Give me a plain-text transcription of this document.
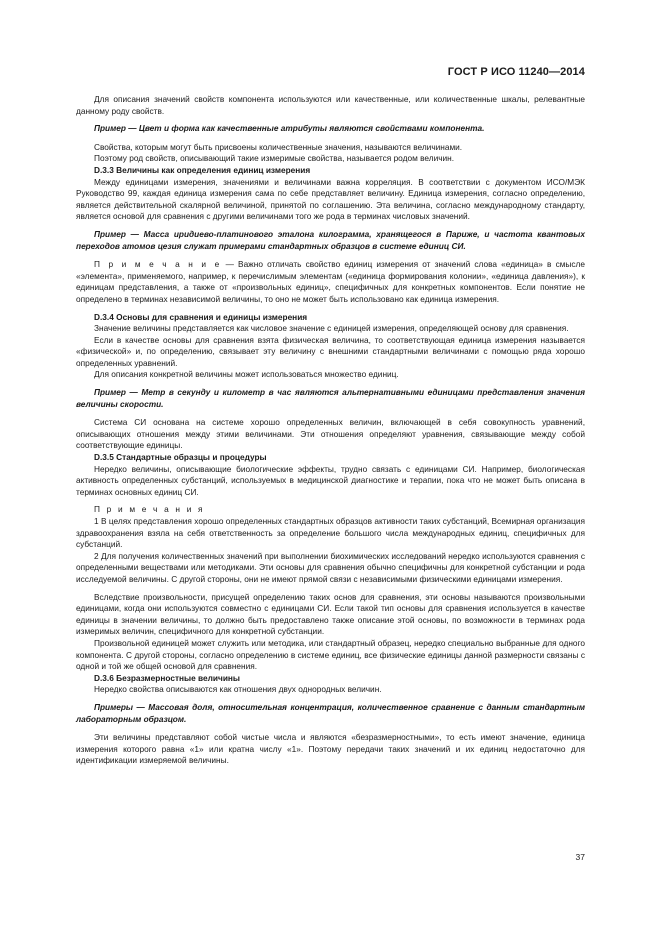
ГОСТ Р ИСО 11240—2014

Для описания значений свойств компонента используются или качественные, или количественные шкалы, релевантные данному роду свойств.

Пример — Цвет и форма как качественные атрибуты являются свойствами компонента.

Свойства, которым могут быть присвоены количественные значения, называются величинами.

Поэтому род свойств, описывающий такие измеримые свойства, называется родом величин.

D.3.3 Величины как определения единиц измерения

Между единицами измерения, значениями и величинами важна корреляция. В соответствии с документом ИСО/МЭК Руководство 99, каждая единица измерения сама по себе представляет величину. Единица измерения, согласно определению, является действительной скалярной величиной, принятой по соглашению. Эта величина, согласно международному стандарту, является основой для сравнения с другими величинами того же рода в терминах числовых значений.

Пример — Масса иридиево-платинового эталона килограмма, хранящегося в Париже, и частота квантовых переходов атомов цезия служат примерами стандартных образцов в системе единиц СИ.

П р и м е ч а н и е — Важно отличать свойство единиц измерения от значений слова «единица» в смысле «элемента», применяемого, например, к перечислимым элементам («единица формирования колонии», «единица давления»), к единицам представления, а также от «произвольных единиц», специфичных для конкретных компонентов. Если понятие не определено в терминах независимой величины, то оно не может быть использовано как единица измерения.

D.3.4 Основы для сравнения и единицы измерения

Значение величины представляется как числовое значение с единицей измерения, определяющей основу для сравнения.

Если в качестве основы для сравнения взята физическая величина, то соответствующая единица измерения называется «физической» и, по определению, связывает эту величину с внешними стандартными величинами с помощью ряда хорошо определенных уравнений.

Для описания конкретной величины может использоваться множество единиц.

Пример — Метр в секунду и километр в час являются альтернативными единицами представления значения величины скорости.

Система СИ основана на системе хорошо определенных величин, включающей в себя совокупность уравнений, описывающих отношения между этими величинами. Эти отношения определяют уравнения, связывающие между собой соответствующие единицы.

D.3.5 Стандартные образцы и процедуры

Нередко величины, описывающие биологические эффекты, трудно связать с единицами СИ. Например, биологическая активность определенных субстанций, используемых в медицинской диагностике и терапии, пока что не может быть описана в терминах основных единиц СИ.

П р и м е ч а н и я

1 В целях представления хорошо определенных стандартных образцов активности таких субстанций, Всемирная организация здравоохранения взяла на себя ответственность за определение большого числа международных единиц, специфичных для субстанций.

2 Для получения количественных значений при выполнении биохимических исследований нередко используются сравнения с определенными веществами или методиками. Эти основы для сравнения обычно специфичны для конкретной субстанции и рода исследуемой величины. С другой стороны, они не имеют прямой связи с независимыми физическими единицами измерения.

Вследствие произвольности, присущей определению таких основ для сравнения, эти основы называются произвольными единицами, когда они используются совместно с единицами СИ. Если такой тип основы для сравнения используется в качестве единицы в значении величины, то должно быть предоставлено также описание этой основы, по возможности в терминах рода измеримых величин, специфичного для конкретной субстанции.

Произвольной единицей может служить или методика, или стандартный образец, нередко специально выбранные для одного компонента. С другой стороны, согласно определению в системе единиц, все физические единицы данной размерности связаны с одной и той же общей основой для сравнения.

D.3.6 Безразмерностные величины

Нередко свойства описываются как отношения двух однородных величин.

Примеры — Массовая доля, относительная концентрация, количественное сравнение с данным стандартным лабораторным образцом.

Эти величины представляют собой чистые числа и являются «безразмерностными», то есть имеют значение, единица измерения которого равна «1» или кратна числу «1». Поэтому передачи таких значений и их единиц недостаточно для идентификации измеряемой величины.

37
